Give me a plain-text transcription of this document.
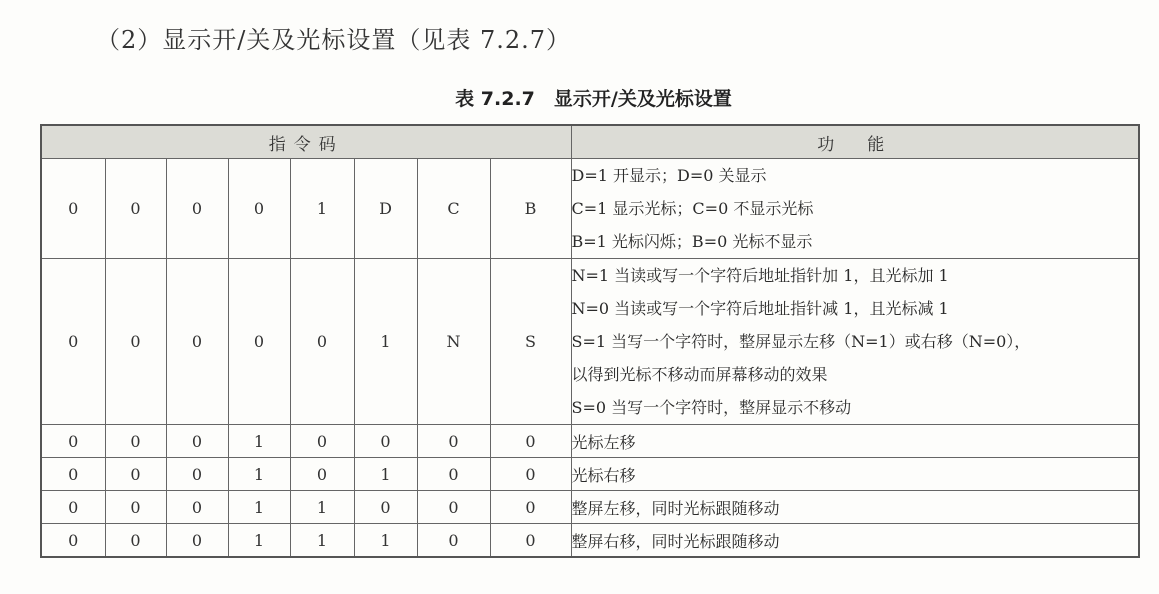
（2）显示开/关及光标设置（见表 7.2.7）
表 7.2.7　显示开/关及光标设置
指令码								功　能
0	0	0	0	1	D	C	B	D=1 开显示；D=0 关显示
C=1 显示光标；C=0 不显示光标
B=1 光标闪烁；B=0 光标不显示

0	0	0	0	0	1	N	S	N=1 当读或写一个字符后地址指针加 1，且光标加 1
N=0 当读或写一个字符后地址指针减 1，且光标减 1
S=1 当写一个字符时，整屏显示左移（N=1）或右移（N=0），
以得到光标不移动而屏幕移动的效果
S=0 当写一个字符时，整屏显示不移动

0	0	0	1	0	0	0	0	光标左移
0	0	0	1	0	1	0	0	光标右移
0	0	0	1	1	0	0	0	整屏左移，同时光标跟随移动
0	0	0	1	1	1	0	0	整屏右移，同时光标跟随移动
